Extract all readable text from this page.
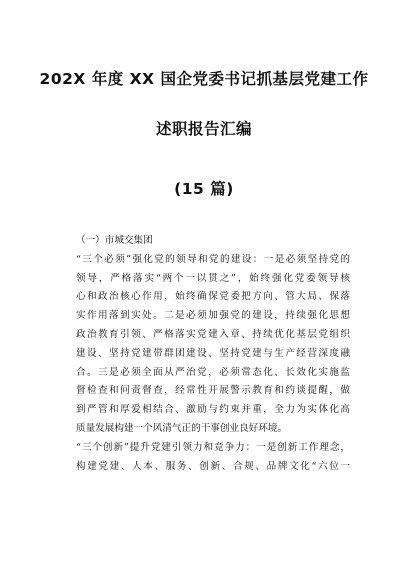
202X 年度 XX 国企党委书记抓基层党建工作
述职报告汇编
(15 篇)
（一）市城交集团
“三个必须”强化党的领导和党的建设：一是必须坚持党的
领导，严格落实“两个一以贯之”，始终强化党委领导核
心和政治核心作用，始终确保党委把方向、管大局、保落
实作用落到实处。二是必须加强党的建设，持续强化思想
政治教育引领、严格落实党建入章、持续优化基层党组织
建设、坚持党建带群团建设、坚持党建与生产经营深度融
合。三是必须全面从严治党，必须常态化、长效化实施监
督检查和问责督查，经常性开展警示教育和约谈提醒，做
到严管和厚爱相结合、激励与约束并重，全力为实体化高
质量发展构建一个风清气正的干事创业良好环境。
“三个创新”提升党建引领力和竞争力：一是创新工作理念，
构建党建、人本、服务、创新、合规、品牌文化“六位一
